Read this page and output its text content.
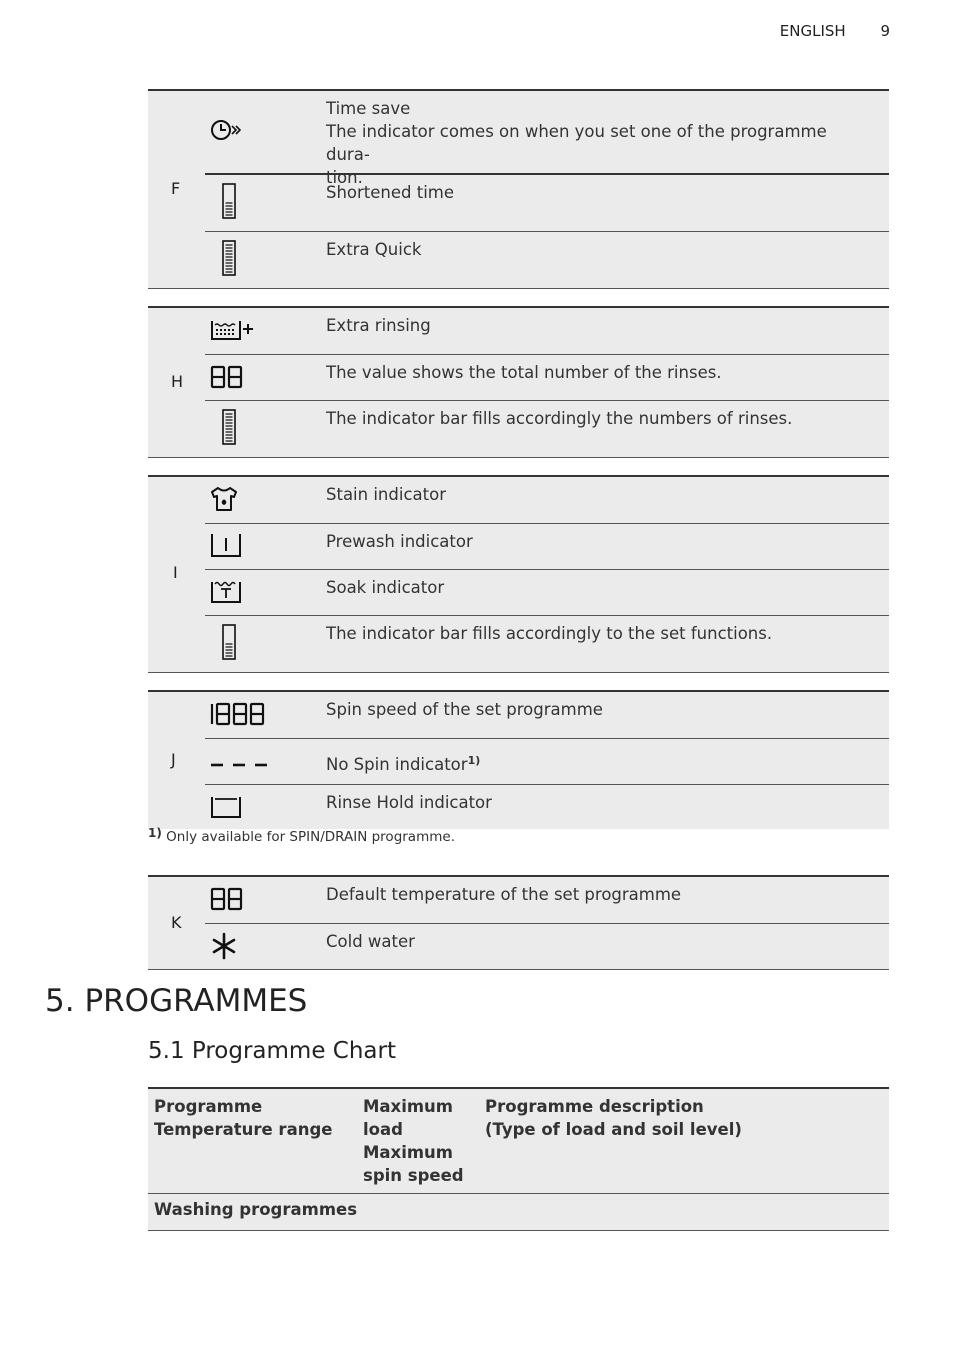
ENGLISH 9
F
Time save
The indicator comes on when you set one of the programme dura-
tion.
Shortened time
Extra Quick
H
Extra rinsing
The value shows the total number of the rinses.
The indicator bar fills accordingly the numbers of rinses.
I
Stain indicator
Prewash indicator
Soak indicator
The indicator bar fills accordingly to the set functions.
J
Spin speed of the set programme
No Spin indicator$^{1)}$
Rinse Hold indicator
1) Only available for SPIN/DRAIN programme.
K
Default temperature of the set programme
Cold water
5. PROGRAMMES
5.1 Programme Chart
Programme
Temperature range
Maximum
load
Maximum
spin speed
Programme description
(Type of load and soil level)
Washing programmes
